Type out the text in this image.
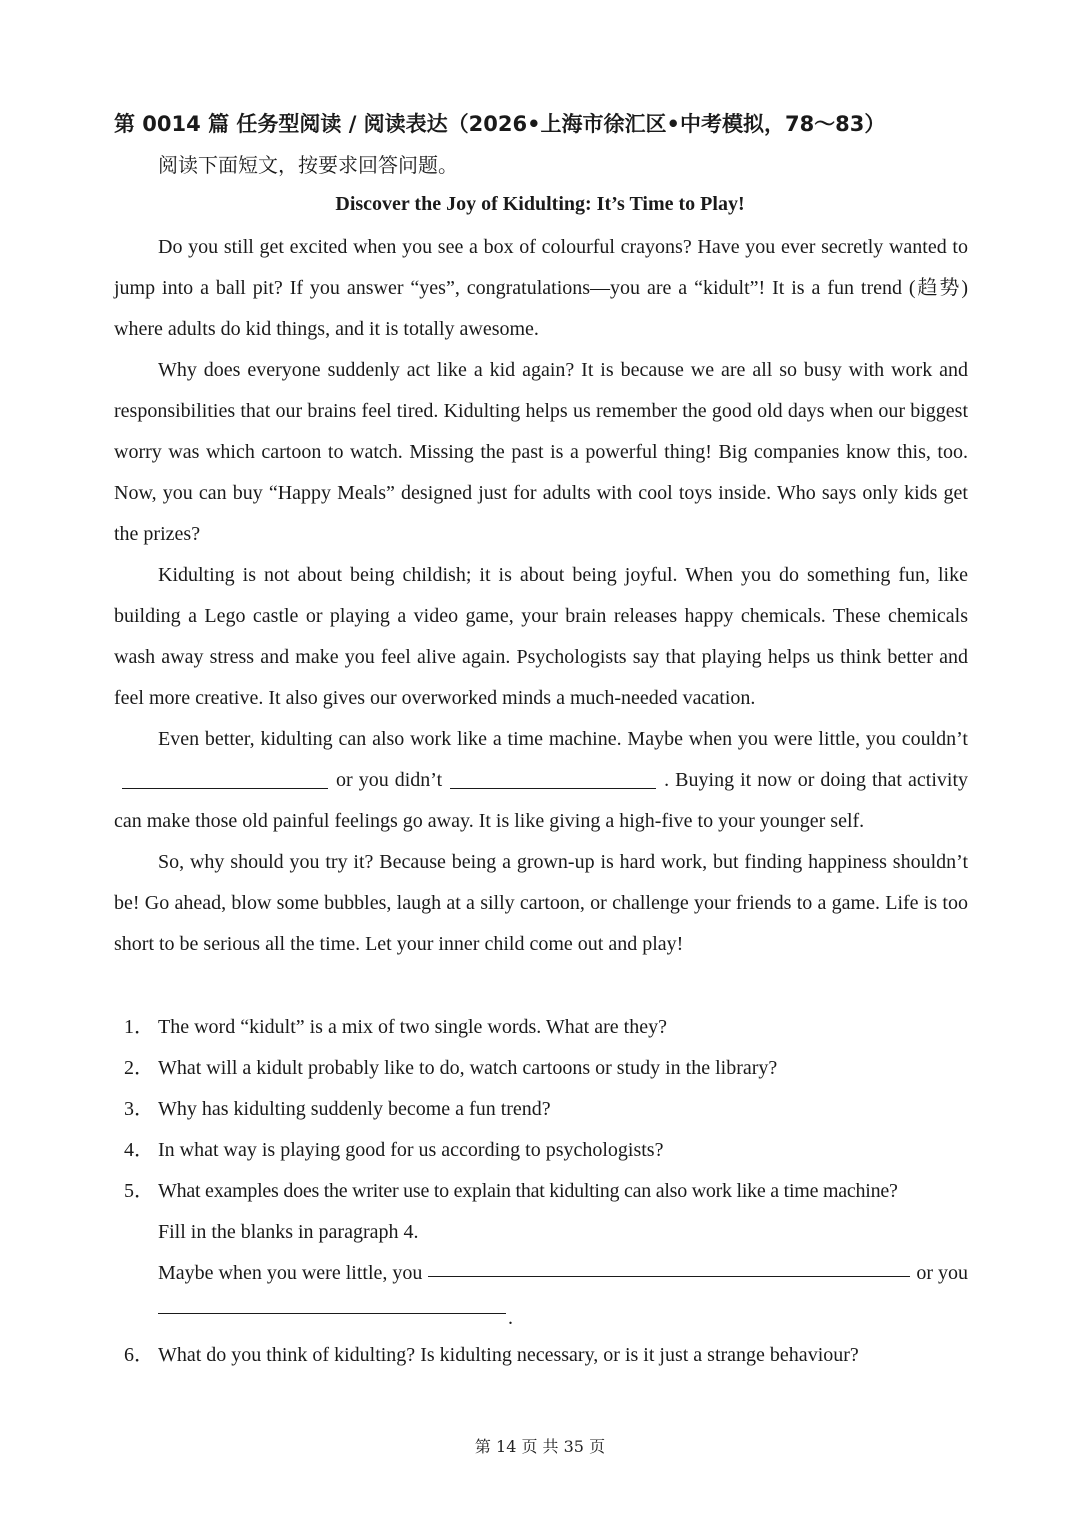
第 0014 篇 任务型阅读 / 阅读表达（2026•上海市徐汇区•中考模拟，78～83）
阅读下面短文，按要求回答问题。
Discover the Joy of Kidulting: It’s Time to Play!

Do you still get excited when you see a box of colourful crayons? Have you ever secretly wanted to jump into a ball pit? If you answer “yes”, congratulations—you are a “kidult”! It is a fun trend (趋势) where adults do kid things, and it is totally awesome.

Why does everyone suddenly act like a kid again? It is because we are all so busy with work and responsibilities that our brains feel tired. Kidulting helps us remember the good old days when our biggest worry was which cartoon to watch. Missing the past is a powerful thing! Big companies know this, too. Now, you can buy “Happy Meals” designed just for adults with cool toys inside. Who says only kids get the prizes?

Kidulting is not about being childish; it is about being joyful. When you do something fun, like building a Lego castle or playing a video game, your brain releases happy chemicals. These chemicals wash away stress and make you feel alive again. Psychologists say that playing helps us think better and feel more creative. It also gives our overworked minds a much-needed vacation.

Even better, kidulting can also work like a time machine. Maybe when you were little, you couldn’tor you didn’t	. Buying it now or doing that activity can make those old painful feelings go away. It is like giving a high-five to your younger self.

So, why should you try it? Because being a grown-up is hard work, but finding happiness shouldn’t be! Go ahead, blow some bubbles, laugh at a silly cartoon, or challenge your friends to a game. Life is too short to be serious all the time. Let your inner child come out and play!

1． The word “kidult” is a mix of two single words. What are they?
2． What will a kidult probably like to do, watch cartoons or study in the library?
3． Why has kidulting suddenly become a fun trend?
4． In what way is playing good for us according to psychologists?
5． What examples does the writer use to explain that kidulting can also work like a time machine?
Fill in the blanks in paragraph 4.
Maybe when you were little, you	or you
.
6． What do you think of kidulting? Is kidulting necessary, or is it just a strange behaviour?
第 14 页 共 35 页
